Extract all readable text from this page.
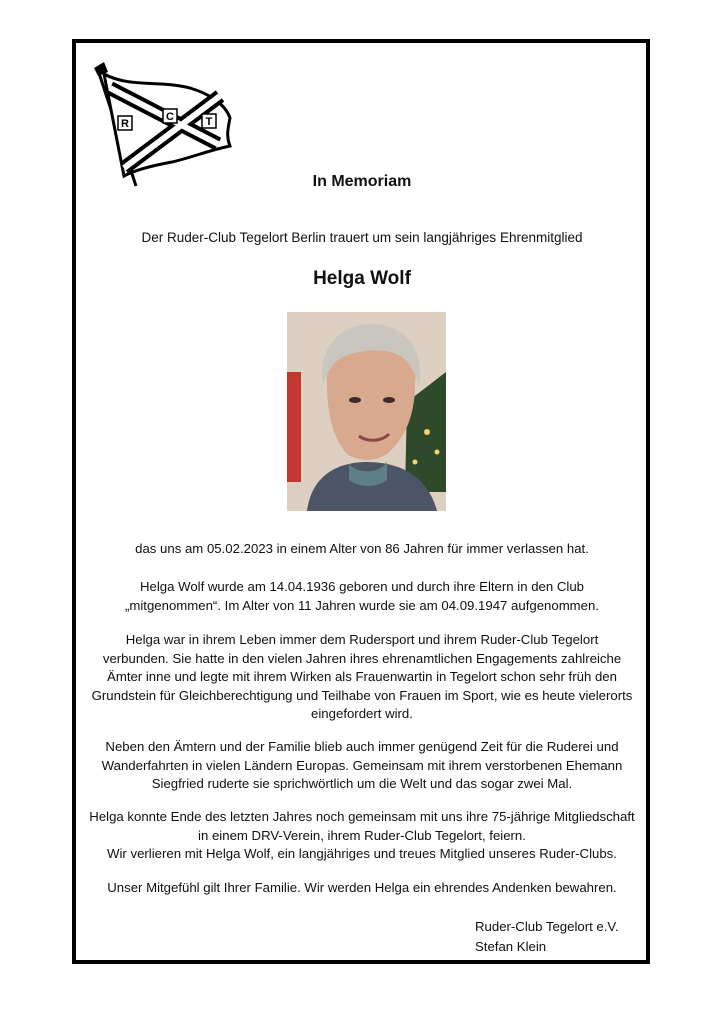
R
C	T
In Memoriam
Der Ruder-Club Tegelort Berlin trauert um sein langjähriges Ehrenmitglied
Helga Wolf
das uns am 05.02.2023 in einem Alter von 86 Jahren für immer verlassen hat.
Helga Wolf wurde am 14.04.1936 geboren und durch ihre Eltern in den Club
„mitgenommen“. Im Alter von 11 Jahren wurde sie am 04.09.1947 aufgenommen.
Helga war in ihrem Leben immer dem Rudersport und ihrem Ruder-Club Tegelort
verbunden. Sie hatte in den vielen Jahren ihres ehrenamtlichen Engagements zahlreiche
Ämter inne und legte mit ihrem Wirken als Frauenwartin in Tegelort schon sehr früh den
Grundstein für Gleichberechtigung und Teilhabe von Frauen im Sport, wie es heute vielerorts
eingefordert wird.
Neben den Ämtern und der Familie blieb auch immer genügend Zeit für die Ruderei und
Wanderfahrten in vielen Ländern Europas. Gemeinsam mit ihrem verstorbenen Ehemann
Siegfried ruderte sie sprichwörtlich um die Welt und das sogar zwei Mal.
Helga konnte Ende des letzten Jahres noch gemeinsam mit uns ihre 75-jährige Mitgliedschaft
in einem DRV-Verein, ihrem Ruder-Club Tegelort, feiern.
Wir verlieren mit Helga Wolf, ein langjähriges und treues Mitglied unseres Ruder-Clubs.
Unser Mitgefühl gilt Ihrer Familie. Wir werden Helga ein ehrendes Andenken bewahren.
Ruder-Club Tegelort e.V.
Stefan Klein
